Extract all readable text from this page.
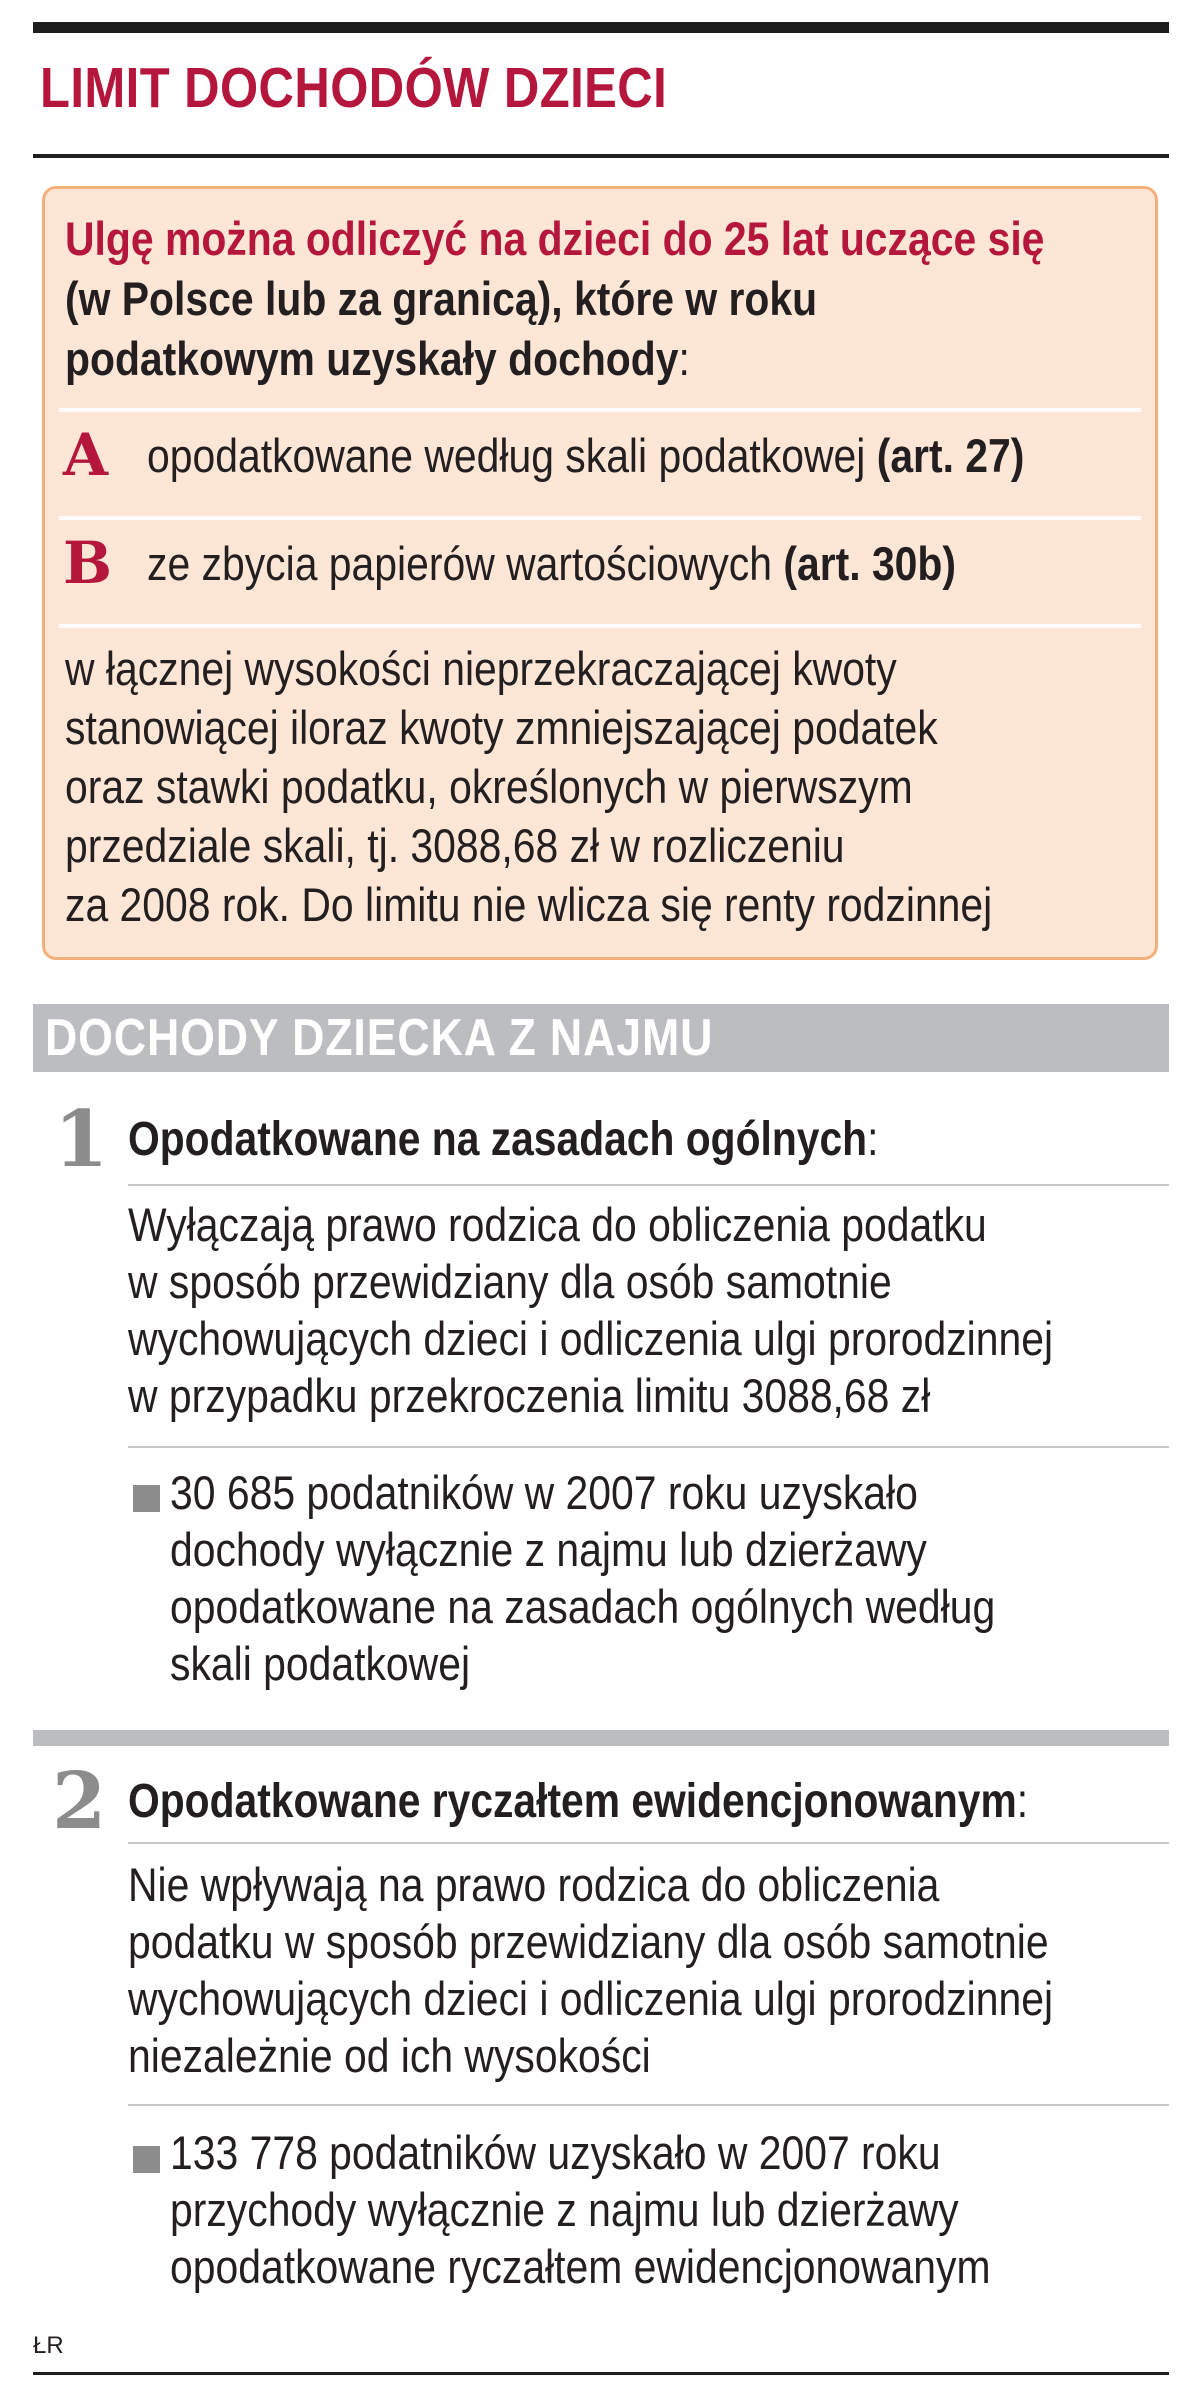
LIMIT DOCHODÓW DZIECI
Ulgę można odliczyć na dzieci do 25 lat uczące się
(w Polsce lub za granicą), które w roku
podatkowym uzyskały dochody:
A opodatkowane według skali podatkowej (art. 27)
B ze zbycia papierów wartościowych (art. 30b)
w łącznej wysokości nieprzekraczającej kwoty
stanowiącej iloraz kwoty zmniejszającej podatek
oraz stawki podatku, określonych w pierwszym
przedziale skali, tj. 3088,68 zł w rozliczeniu
za 2008 rok. Do limitu nie wlicza się renty rodzinnej
DOCHODY DZIECKA Z NAJMU
1 Opodatkowane na zasadach ogólnych:
Wyłączają prawo rodzica do obliczenia podatku
w sposób przewidziany dla osób samotnie
wychowujących dzieci i odliczenia ulgi prorodzinnej
w przypadku przekroczenia limitu 3088,68 zł
30 685 podatników w 2007 roku uzyskało
dochody wyłącznie z najmu lub dzierżawy
opodatkowane na zasadach ogólnych według
skali podatkowej
2 Opodatkowane ryczałtem ewidencjonowanym:
Nie wpływają na prawo rodzica do obliczenia
podatku w sposób przewidziany dla osób samotnie
wychowujących dzieci i odliczenia ulgi prorodzinnej
niezależnie od ich wysokości
133 778 podatników uzyskało w 2007 roku
przychody wyłącznie z najmu lub dzierżawy
opodatkowane ryczałtem ewidencjonowanym
ŁR
